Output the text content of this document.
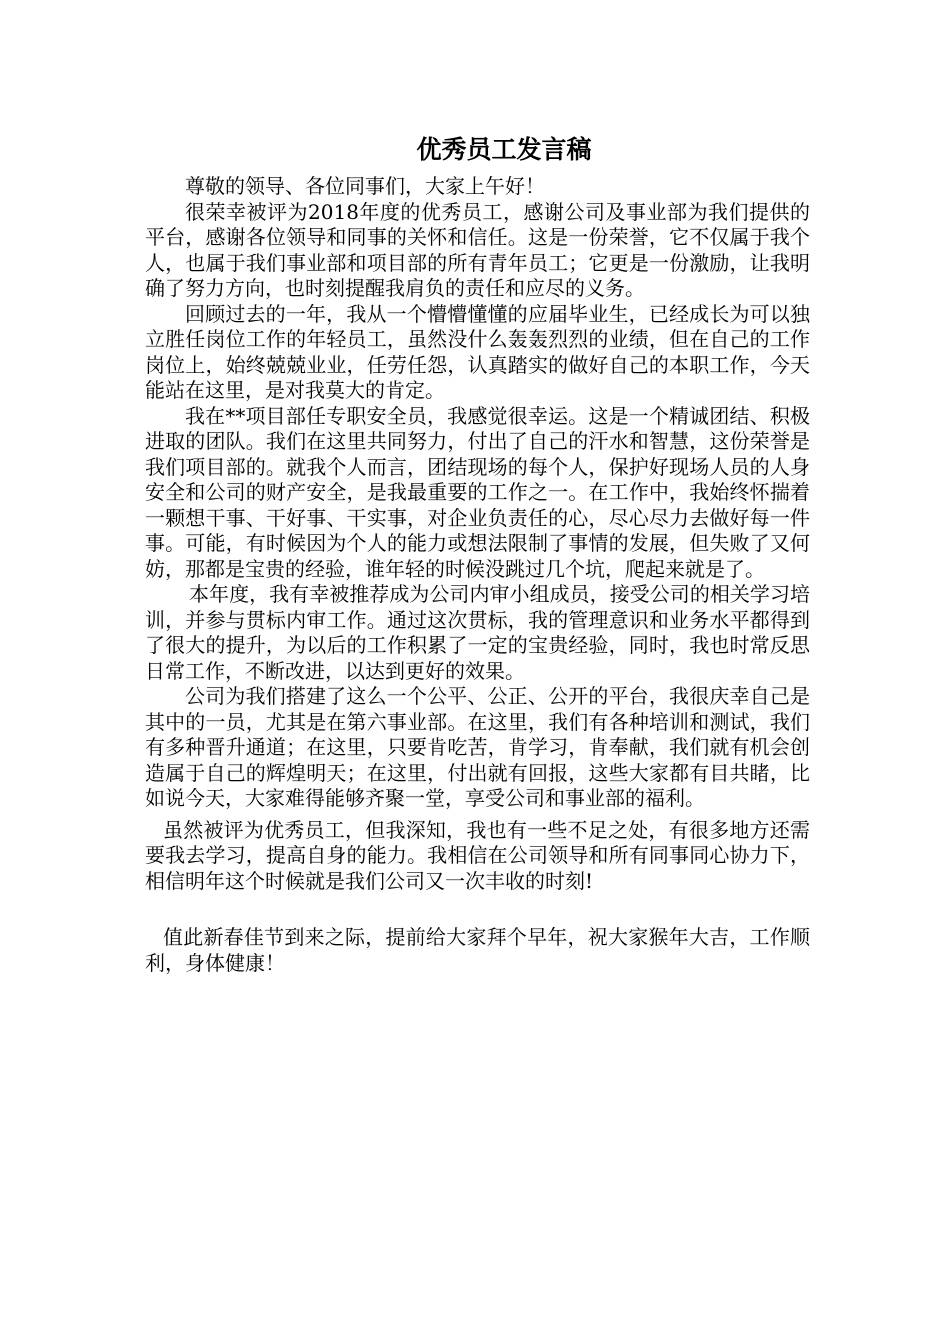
优秀员工发言稿

尊敬的领导、各位同事们，大家上午好！

很荣幸被评为2018年度的优秀员工，感谢公司及事业部为我们提供的平台，感谢各位领导和同事的关怀和信任。这是一份荣誉，它不仅属于我个人，也属于我们事业部和项目部的所有青年员工；它更是一份激励，让我明确了努力方向，也时刻提醒我肩负的责任和应尽的义务。

回顾过去的一年，我从一个懵懵懂懂的应届毕业生，已经成长为可以独立胜任岗位工作的年轻员工，虽然没什么轰轰烈烈的业绩，但在自己的工作岗位上，始终兢兢业业，任劳任怨，认真踏实的做好自己的本职工作，今天能站在这里，是对我莫大的肯定。

我在**项目部任专职安全员，我感觉很幸运。这是一个精诚团结、积极进取的团队。我们在这里共同努力，付出了自己的汗水和智慧，这份荣誉是我们项目部的。就我个人而言，团结现场的每个人，保护好现场人员的人身安全和公司的财产安全，是我最重要的工作之一。在工作中，我始终怀揣着一颗想干事、干好事、干实事，对企业负责任的心，尽心尽力去做好每一件事。可能，有时候因为个人的能力或想法限制了事情的发展，但失败了又何妨，那都是宝贵的经验，谁年轻的时候没跳过几个坑，爬起来就是了。

本年度，我有幸被推荐成为公司内审小组成员，接受公司的相关学习培训，并参与贯标内审工作。通过这次贯标，我的管理意识和业务水平都得到了很大的提升，为以后的工作积累了一定的宝贵经验，同时，我也时常反思日常工作，不断改进，以达到更好的效果。

公司为我们搭建了这么一个公平、公正、公开的平台，我很庆幸自己是其中的一员，尤其是在第六事业部。在这里，我们有各种培训和测试，我们有多种晋升通道；在这里，只要肯吃苦，肯学习，肯奉献，我们就有机会创造属于自己的辉煌明天；在这里，付出就有回报，这些大家都有目共睹，比如说今天，大家难得能够齐聚一堂，享受公司和事业部的福利。

虽然被评为优秀员工，但我深知，我也有一些不足之处，有很多地方还需要我去学习，提高自身的能力。我相信在公司领导和所有同事同心协力下，相信明年这个时候就是我们公司又一次丰收的时刻!

值此新春佳节到来之际，提前给大家拜个早年，祝大家猴年大吉，工作顺利，身体健康！
